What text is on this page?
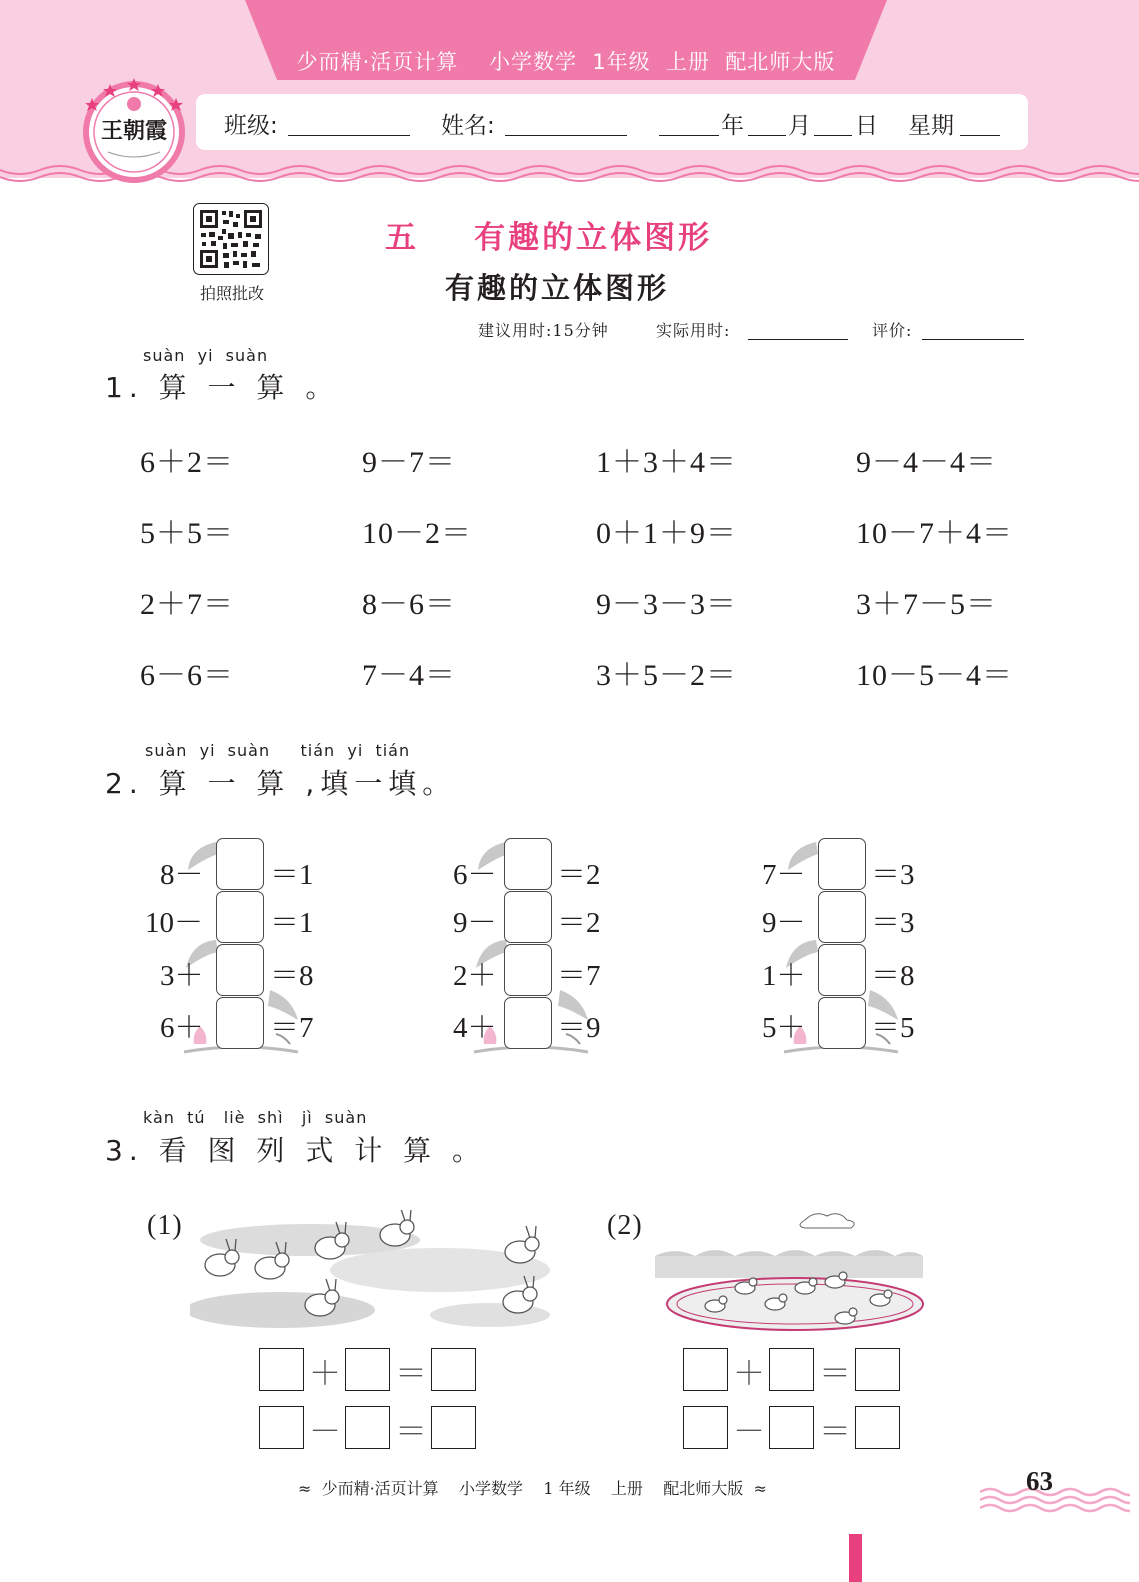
少而精·活页计算    小学数学  1年级  上册  配北师大版
班级:	姓名:	年 月 日 星期
王朝霞
拍照批改
五    有趣的立体图形
有趣的立体图形
建议用时:15分钟	实际用时:	评价:
suàn  yi  suàn
1. 算 一 算 。
6＋2＝	9－7＝	1＋3＋4＝	9－4－4＝
5＋5＝	10－2＝	0＋1＋9＝	10－7＋4＝
2＋7＝	8－6＝	9－3－3＝	3＋7－5＝
6－6＝	7－4＝	3＋5－2＝	10－5－4＝
suàn  yi  suàn     tián  yi  tián
2. 算 一 算 ,填一填。
8－ ＝1
10－ ＝1
3＋ ＝8
6＋ ＝7
6－ ＝2
9－ ＝2
2＋ ＝7
4＋ ＝9
7－ ＝3
9－ ＝3
1＋ ＝8
5＋ ＝5
kàn  tú   liè  shì   jì  suàn
3. 看 图 列 式 计 算 。
(1)
＋ ＝
－ ＝
(2)
＋ ＝
－ ＝
≈  少而精·活页计算    小学数学    1 年级    上册    配北师大版  ≈	63
